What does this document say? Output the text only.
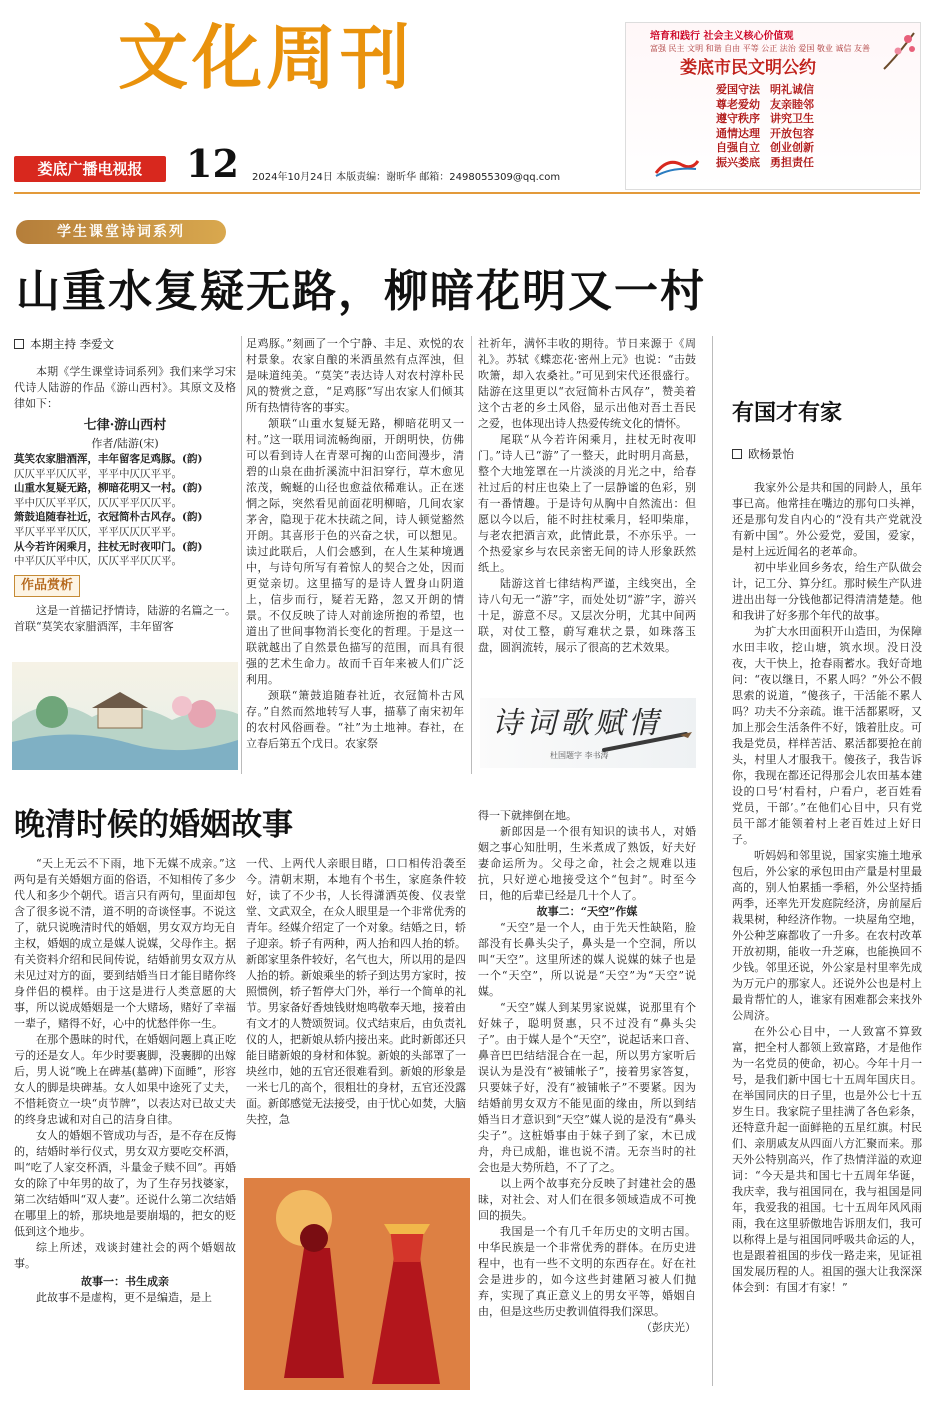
文化周刊
娄底广播电视报	12 2024年10月24日 本版责编：谢昕华 邮箱：2498055309@qq.com
培育和践行 社会主义核心价值观
富强 民主 文明 和谐 自由 平等 公正 法治 爱国 敬业 诚信 友善
娄底市民文明公约
爱国守法 明礼诚信
尊老爱幼 友亲睦邻
遵守秩序 讲究卫生
通情达理 开放包容
自强自立 创业创新
振兴娄底 勇担责任
学生课堂诗词系列
山重水复疑无路，柳暗花明又一村
本期主持 李爱文

本期《学生课堂诗词系列》我们来学习宋代诗人陆游的作品《游山西村》。其原文及格律如下：

七律·游山西村
作者/陆游(宋)
莫笑农家腊酒浑，丰年留客足鸡豚。(韵)
仄仄平平仄仄平，平平中仄仄平平。
山重水复疑无路，柳暗花明又一村。(韵)
平中仄仄平平仄，仄仄平平仄仄平。
箫鼓追随春社近，衣冠简朴古风存。(韵)
平仄平平平仄仄，平平仄仄仄平平。
从今若许闲乘月，拄杖无时夜叩门。(韵)
中平仄仄平中仄，仄仄平平仄仄平。
作品赏析

这是一首描记抒情诗，陆游的名篇之一。首联“莫笑农家腊酒浑，丰年留客

足鸡豚。”刻画了一个宁静、丰足、欢悦的农村景象。农家自酿的米酒虽然有点浑浊，但是味道纯美。“莫笑”表达诗人对农村淳朴民风的赞赏之意，“足鸡豚”写出农家人们倾其所有热情待客的事实。

颔联“山重水复疑无路，柳暗花明又一村。”这一联用词流畅绚丽，开朗明快，仿佛可以看到诗人在青翠可掬的山峦间漫步，清碧的山泉在曲折溪流中汩汩穿行，草木愈见浓茂，蜿蜒的山径也愈益依稀难认。正在迷惘之际，突然看见前面花明柳暗，几间农家茅舍，隐现于花木扶疏之间，诗人顿觉豁然开朗。其喜形于色的兴奋之状，可以想见。读过此联后，人们会感到，在人生某种境遇中，与诗句所写有着惊人的契合之处，因而更觉亲切。这里描写的是诗人置身山阴道上，信步而行，疑若无路，忽又开朗的情景。不仅反映了诗人对前途所抱的希望，也道出了世间事物消长变化的哲理。于是这一联就越出了自然景色描写的范围，而具有很强的艺术生命力。故而千百年来被人们广泛利用。

颈联“箫鼓追随春社近，衣冠简朴古风存。”自然而然地转写人事，描摹了南宋初年的农村风俗画卷。“社”为土地神。春社，在立春后第五个戊日。农家祭

社祈年，满怀丰收的期待。节日来源于《周礼》。苏轼《蝶恋花·密州上元》也说：“击鼓吹箫，却入农桑社。”可见到宋代还很盛行。陆游在这里更以“衣冠简朴古风存”，赞美着这个古老的乡土风俗，显示出他对吾土吾民之爱，也体现出诗人热爱传统文化的情怀。

尾联“从今若许闲乘月，拄杖无时夜叩门。”诗人已“游”了一整天，此时明月高悬，整个大地笼罩在一片淡淡的月光之中，给春社过后的村庄也染上了一层静谧的色彩，别有一番情趣。于是诗句从胸中自然流出：但愿以今以后，能不时拄杖乘月，轻叩柴扉，与老农把酒言欢，此情此景，不亦乐乎。一个热爱家乡与农民亲密无间的诗人形象跃然纸上。

陆游这首七律结构严谨，主线突出，全诗八句无一“游”字，而处处切“游”字，游兴十足，游意不尽。又层次分明，尤其中间两联，对仗工整，蔚写难状之景，如珠落玉盘，圆润流转，展示了很高的艺术效果。

诗词歌赋情
杜国题字 李书涛
晚清时候的婚姻故事

“天上无云不下雨，地下无媒不成亲。”这两句是有关婚姻方面的俗语，不知相传了多少代人和多少个朝代。语言只有两句，里面却包含了很多说不清，道不明的奇谈怪事。不说这了，就只说晚清时代的婚姻，男女双方均无自主权，婚姻的成立是媒人说媒，父母作主。据有关资料介绍和民间传说，结婚前男女双方从未见过对方的面，要到结婚当日才能目睹你终身伴侣的模样。由于这是进行人类意愿的大事，所以说成婚姻是一个大赌场，赌好了幸福一辈子，赌得不好，心中的忧愁伴你一生。

在那个愚昧的时代，在婚姻问题上真正吃亏的还是女人。年少时要裹脚，没裹脚的出嫁后，男人说“晚上在碑基(墓碑)下面睡”，形容女人的脚是块碑基。女人如果中途死了丈夫，不惜耗资立一块“贞节牌”，以表达对已故丈夫的终身忠诚和对自己的洁身自律。

女人的婚姻不管成功与否，是不存在反悔的，结婚时举行仪式，男女双方要吃交杯酒，叫“吃了人家交杯酒，斗量金子赎不回”。再婚女的除了中年男的故了，为了生存另找婆家，第二次结婚叫“双人妻”。还说什么第二次结婚在哪里上的轿，那块地是要崩塌的，把女的贬低到这个地步。

综上所述，戏谈封建社会的两个婚姻故事。

故事一：书生成亲

此故事不是虚构，更不是编造，是上

一代、上两代人亲眼目睹，口口相传沿袭至今。清朝末期，本地有个书生，家庭条件较好，读了不少书，人长得潇洒英俊、仪表堂堂、文武双全，在众人眼里是一个非常优秀的青年。经媒介绍定了一个对象。结婚之日，轿子迎亲。轿子有两种，两人抬和四人抬的轿。新郎家里条件较好，名气也大，所以用的是四人抬的轿。新娘乘坐的轿子到达男方家时，按照惯例，轿子暂停大门外，举行一个简单的礼节。男家备好香烛钱财炮鸣敬奉天地，接着由有文才的人赞颂贺词。仪式结束后，由负责礼仪的人，把新娘从轿内接出来。此时新郎还只能目睹新娘的身材和体貌。新娘的头部罩了一块丝巾，她的五官还很难看到。新娘的形象是一米七几的高个，很粗壮的身材，五官还没露面。新郎感觉无法接受，由于忧心如焚，大脑失控，急

得一下就摔倒在地。

新郎因是一个很有知识的读书人，对婚姻之事心知肚明，生米煮成了熟饭，好夫好妻命运所为。父母之命，社会之规难以违抗，只好逆心地接受这个“包封”。时至今日，他的后辈已经是几十个人了。

故事二：“天空”作媒

“天空”是一个人，由于先天性缺陷，脸部没有长鼻头尖子，鼻头是一个空洞，所以叫“天空”。这里所述的媒人说媒的妹子也是一个“天空”，所以说是“天空”为“天空”说媒。

“天空”媒人到某男家说媒，说那里有个好妹子，聪明贤惠，只不过没有“鼻头尖子”。由于媒人是个“天空”，说起话来口音、鼻音巴巴结结混合在一起，所以男方家听后误认为是没有“被铺帐子”，接着男家答复，只要妹子好，没有“被铺帐子”不要紧。因为结婚前男女双方不能见面的缘由，所以到结婚当日才意识到“天空”媒人说的是没有“鼻头尖子”。这桩婚事由于妹子到了家，木已成舟，舟已成船，谁也说不清。无奈当时的社会也是大势所趋，不了了之。

以上两个故事充分反映了封建社会的愚昧，对社会、对人们在很多领域造成不可挽回的损失。

我国是一个有几千年历史的文明古国。中华民族是一个非常优秀的群体。在历史进程中，也有一些不文明的东西存在。好在社会是进步的，如今这些封建陋习被人们抛弃，实现了真正意义上的男女平等，婚姻自由，但是这些历史教训值得我们深思。

（彭庆光）
有国才有家
欧杨景怡

我家外公是共和国的同龄人，虽年事已高。他常挂在嘴边的那句口头禅，还是那句发自内心的“没有共产党就没有新中国”。外公爱党，爱国，爱家，是村上远近闻名的老革命。

初中毕业回乡务农，给生产队做会计，记工分、算分红。那时候生产队进进出出每一分钱他都记得清清楚楚。他和我讲了好多那个年代的故事。

为扩大水田面积开山造田，为保障水田丰收，挖山塘，筑水坝。没日没夜，大干快上，抢春雨蓄水。我好奇地问：“夜以继日，不累人吗？”外公不假思索的说道，“傻孩子，干活能不累人吗？功夫不分亲疏。谁干活都累呀，又加上那会生活条件不好，饿着肚皮。可我是党员，样样苦活、累活都要抢在前头，村里人才服我干。傻孩子，我告诉你，我现在都还记得那会儿农田基本建设的口号‘村看村，户看户，老百姓看党员，干部’。”在他们心目中，只有党员干部才能领着村上老百姓过上好日子。

听妈妈和邻里说，国家实施土地承包后，外公家的承包田由产量是村里最高的，别人怕累插一季稻，外公坚持插两季，还率先开发庭院经济，房前屋后栽果树，种经济作物。一块屋角空地，外公种芝麻都收了一升多。在农村改革开放初期，能收一升芝麻，也能换回不少钱。邻里还说，外公家是村里率先成为万元户的那家人。还说外公也是村上最肯帮忙的人，谁家有困难都会来找外公周济。

在外公心目中，一人致富不算致富，把全村人都领上致富路，才是他作为一名党员的使命，初心。今年十月一号，是我们新中国七十五周年国庆日。在举国同庆的日子里，也是外公七十五岁生日。我家院子里挂满了各色彩条，还特意升起一面鲜艳的五星红旗。村民们、亲朋戚友从四面八方汇聚而来。那天外公特别高兴，作了热情洋溢的欢迎词：“今天是共和国七十五周年华诞，我庆幸，我与祖国同在，我与祖国是同年，我爱我的祖国。七十五周年风风雨雨，我在这里骄傲地告诉朋友们，我可以称得上是与祖国同呼吸共命运的人，也是跟着祖国的步伐一路走来，见证祖国发展历程的人。祖国的强大让我深深体会到：有国才有家！”
